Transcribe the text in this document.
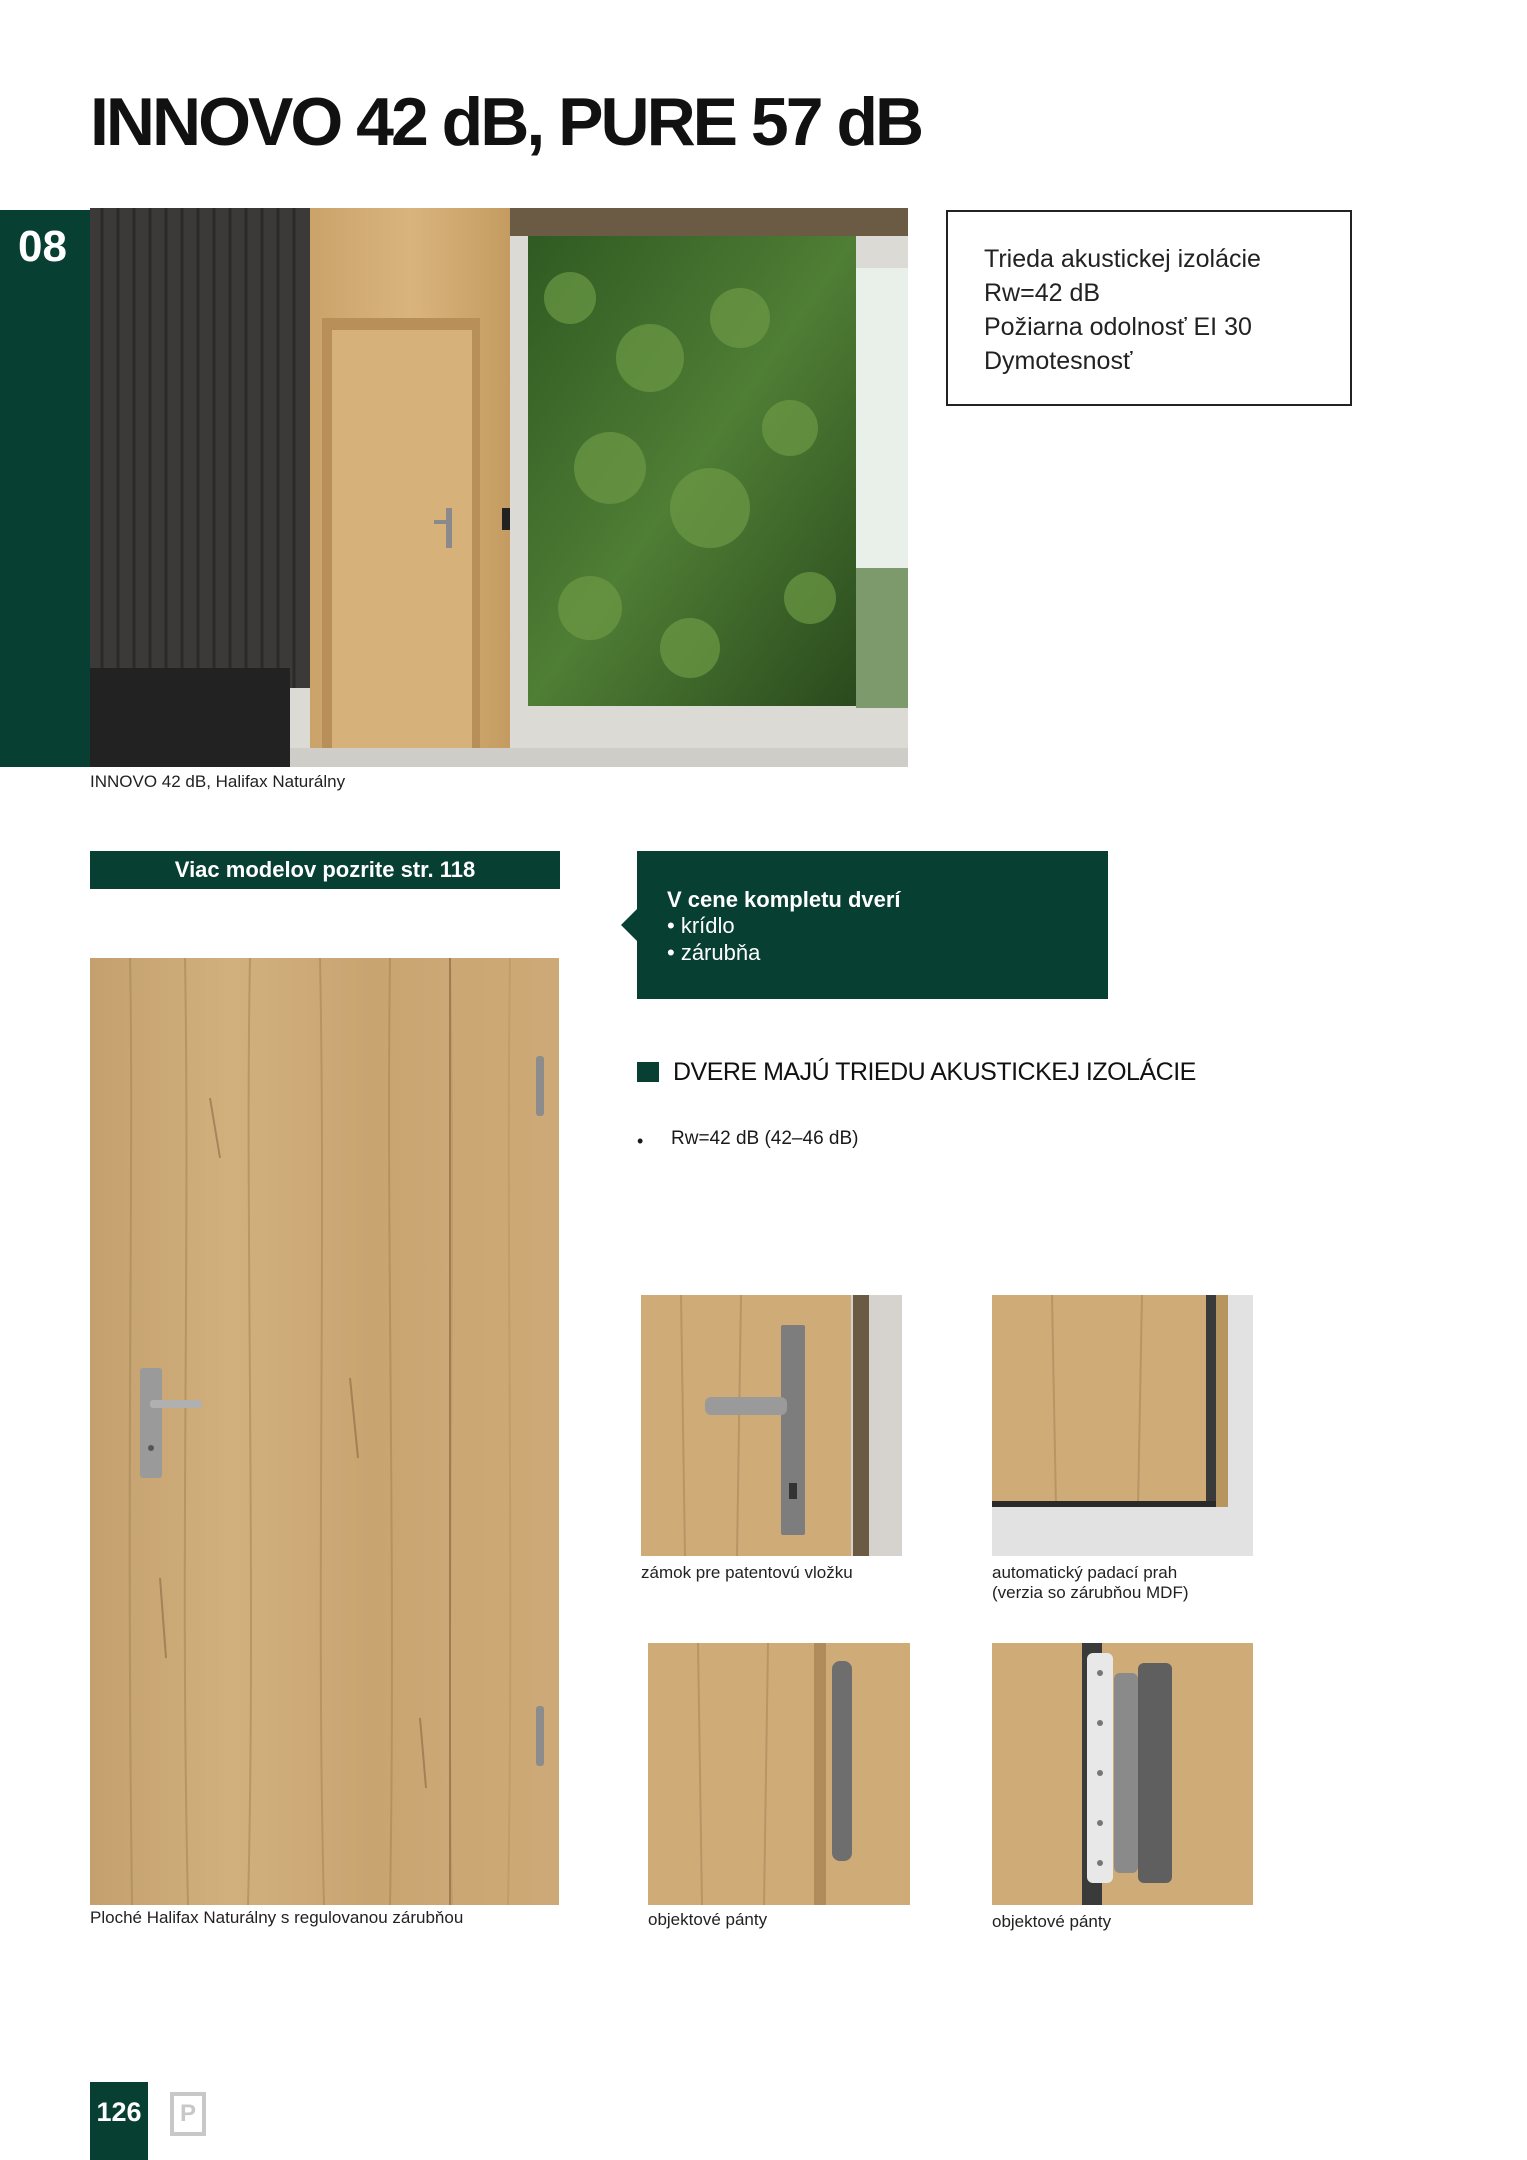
INNOVO 42 dB, PURE 57 dB
08
INNOVO 42 dB, Halifax Naturálny
Trieda akustickej izolácie
Rw=42 dB
Požiarna odolnosť EI 30
Dymotesnosť
Viac modelov pozrite str. 118
V cene kompletu dverí
• krídlo
• zárubňa
Ploché Halifax Naturálny s regulovanou zárubňou
DVERE MAJÚ TRIEDU AKUSTICKEJ IZOLÁCIE
• Rw=42 dB (42–46 dB)
zámok pre patentovú vložku	automatický padací prah
(verzia so zárubňou MDF)
objektové pánty	objektové pánty
126	P
